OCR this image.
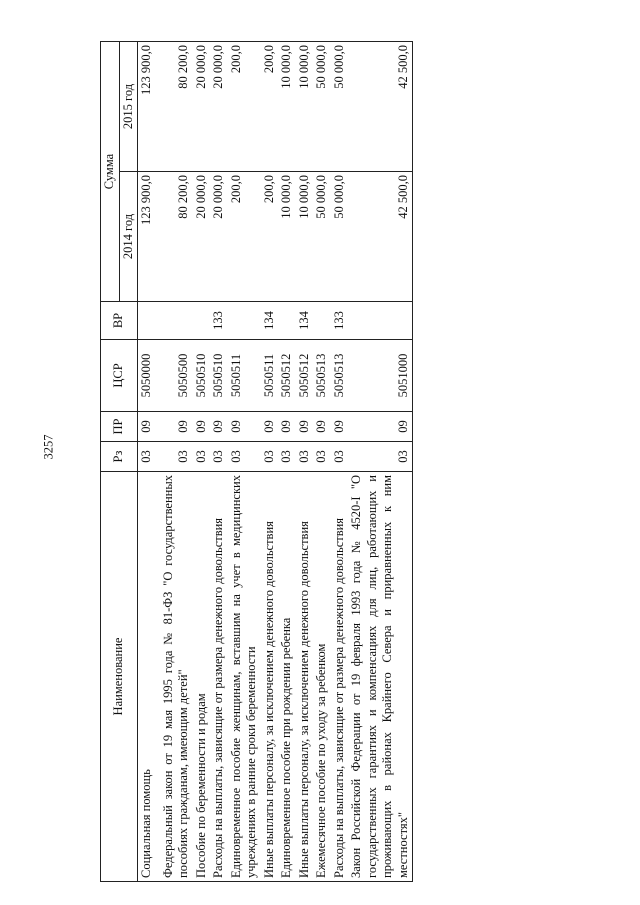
3257
Наименование	Рз	ПР	ЦСР	ВР	Сумма	
					2014 год	2015 год
Социальная помощь	03	09	5050000		123 900,0	123 900,0
Федеральный закон от 19 мая 1995 года № 81-ФЗ "О государственных пособиях гражданам, имеющим детей"	03	09	5050500		80 200,0	80 200,0
Пособие по беременности и родам	03	09	5050510		20 000,0	20 000,0
Расходы на выплаты, зависящие от размера денежного довольствия	03	09	5050510	133	20 000,0	20 000,0
Единовременное пособие женщинам, вставшим на учет в медицинских учреждениях в ранние сроки беременности	03	09	5050511		200,0	200,0
Иные выплаты персоналу, за исключением денежного довольствия	03	09	5050511	134	200,0	200,0
Единовременное пособие при рождении ребенка	03	09	5050512		10 000,0	10 000,0
Иные выплаты персоналу, за исключением денежного довольствия	03	09	5050512	134	10 000,0	10 000,0
Ежемесячное пособие по уходу за ребенком	03	09	5050513		50 000,0	50 000,0
Расходы на выплаты, зависящие от размера денежного довольствия	03	09	5050513	133	50 000,0	50 000,0
Закон Российской Федерации от 19 февраля 1993 года № 4520-I "О государственных гарантиях и компенсациях для лиц, работающих и проживающих в районах Крайнего Севера и приравненных к ним местностях"	03	09	5051000		42 500,0	42 500,0
